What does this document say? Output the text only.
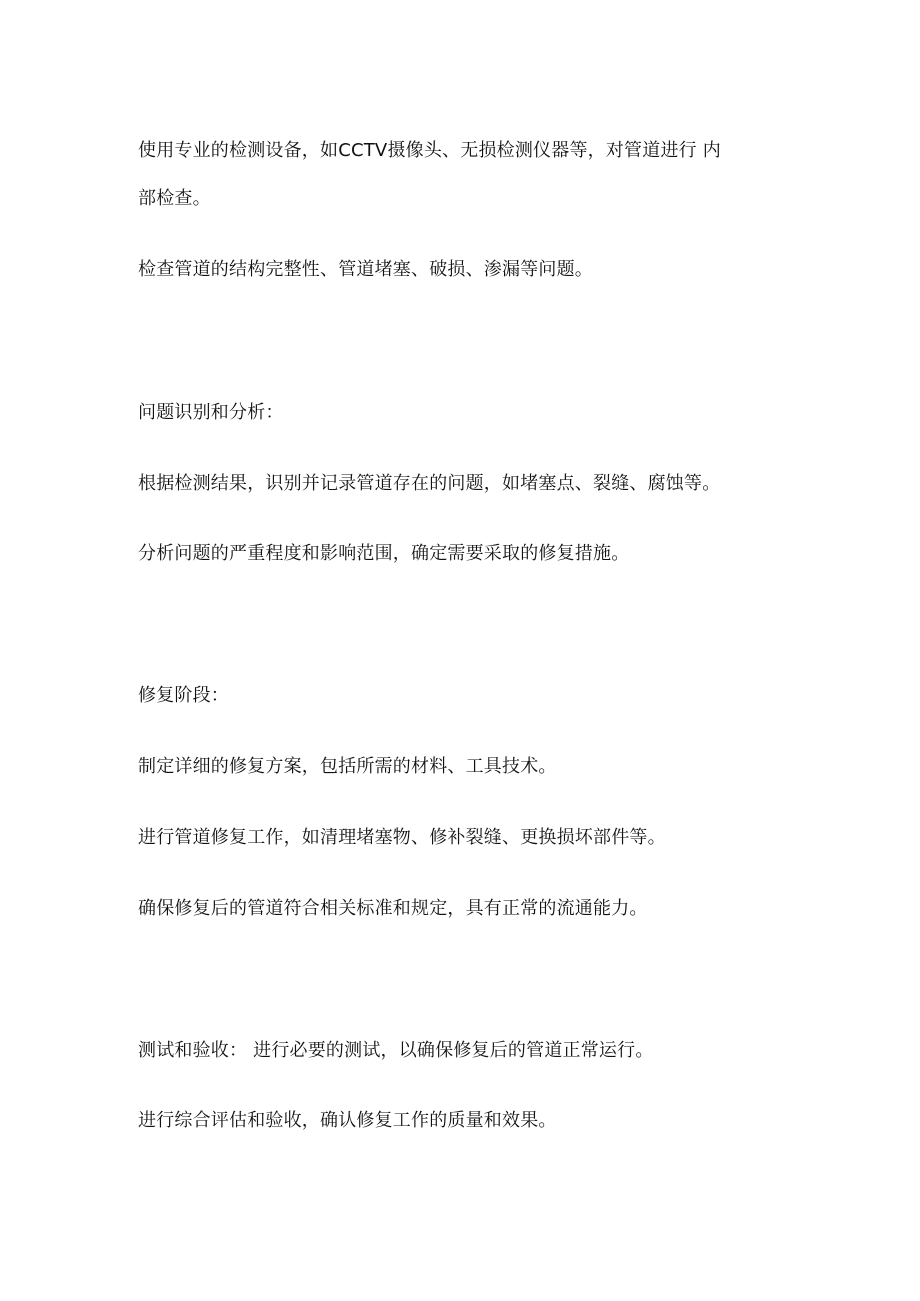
使用专业的检测设备，如CCTV摄像头、无损检测仪器等，对管道进行 内
部检查。
检查管道的结构完整性、管道堵塞、破损、渗漏等问题。
问题识别和分析：
根据检测结果，识别并记录管道存在的问题，如堵塞点、裂缝、腐蚀等。
分析问题的严重程度和影响范围，确定需要采取的修复措施。
修复阶段：
制定详细的修复方案，包括所需的材料、工具技术。
进行管道修复工作，如清理堵塞物、修补裂缝、更换损坏部件等。
确保修复后的管道符合相关标准和规定，具有正常的流通能力。
测试和验收： 进行必要的测试，以确保修复后的管道正常运行。
进行综合评估和验收，确认修复工作的质量和效果。
